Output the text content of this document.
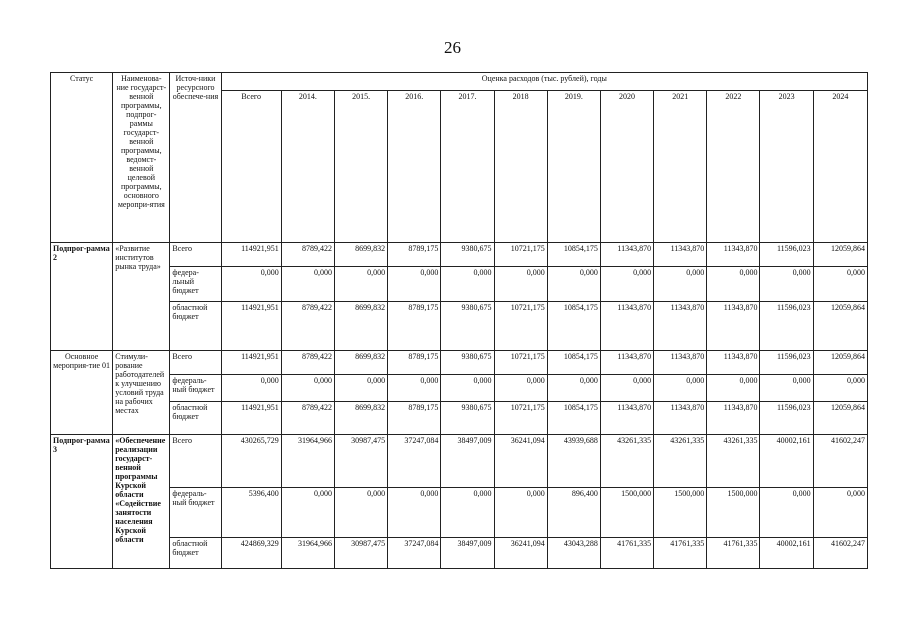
26
Статус	Наименова-ние государст-венной программы, подпрог-раммы государст-венной программы, ведомст-венной целевой программы, основного меропри-ятия	Источ-ники ресурсного обеспече-ния	Оценка расходов (тыс. рублей), годы											
			Всего	2014.	2015.	2016.	2017.	2018	2019.	2020	2021	2022	2023	2024
Подпрог-рамма 2	«Развитие институтов рынка труда»	Всего	114921,951	8789,422	8699,832	8789,175	9380,675	10721,175	10854,175	11343,870	11343,870	11343,870	11596,023	12059,864
		федера-льный бюджет	0,000	0,000	0,000	0,000	0,000	0,000	0,000	0,000	0,000	0,000	0,000	0,000
		областной бюджет	114921,951	8789,422	8699,832	8789,175	9380,675	10721,175	10854,175	11343,870	11343,870	11343,870	11596,023	12059,864
Основное мероприя-тие 01	Стимули-рование работодателей к улучшению условий труда на рабочих местах	Всего	114921,951	8789,422	8699,832	8789,175	9380,675	10721,175	10854,175	11343,870	11343,870	11343,870	11596,023	12059,864
		федераль-ный бюджет	0,000	0,000	0,000	0,000	0,000	0,000	0,000	0,000	0,000	0,000	0,000	0,000
		областной бюджет	114921,951	8789,422	8699,832	8789,175	9380,675	10721,175	10854,175	11343,870	11343,870	11343,870	11596,023	12059,864
Подпрог-рамма 3	«Обеспечение реализации государст-венной программы Курской области «Содействие занятости населения Курской области	Всего	430265,729	31964,966	30987,475	37247,084	38497,009	36241,094	43939,688	43261,335	43261,335	43261,335	40002,161	41602,247
		федераль-ный бюджет	5396,400	0,000	0,000	0,000	0,000	0,000	896,400	1500,000	1500,000	1500,000	0,000	0,000
		областной бюджет	424869,329	31964,966	30987,475	37247,084	38497,009	36241,094	43043,288	41761,335	41761,335	41761,335	40002,161	41602,247
